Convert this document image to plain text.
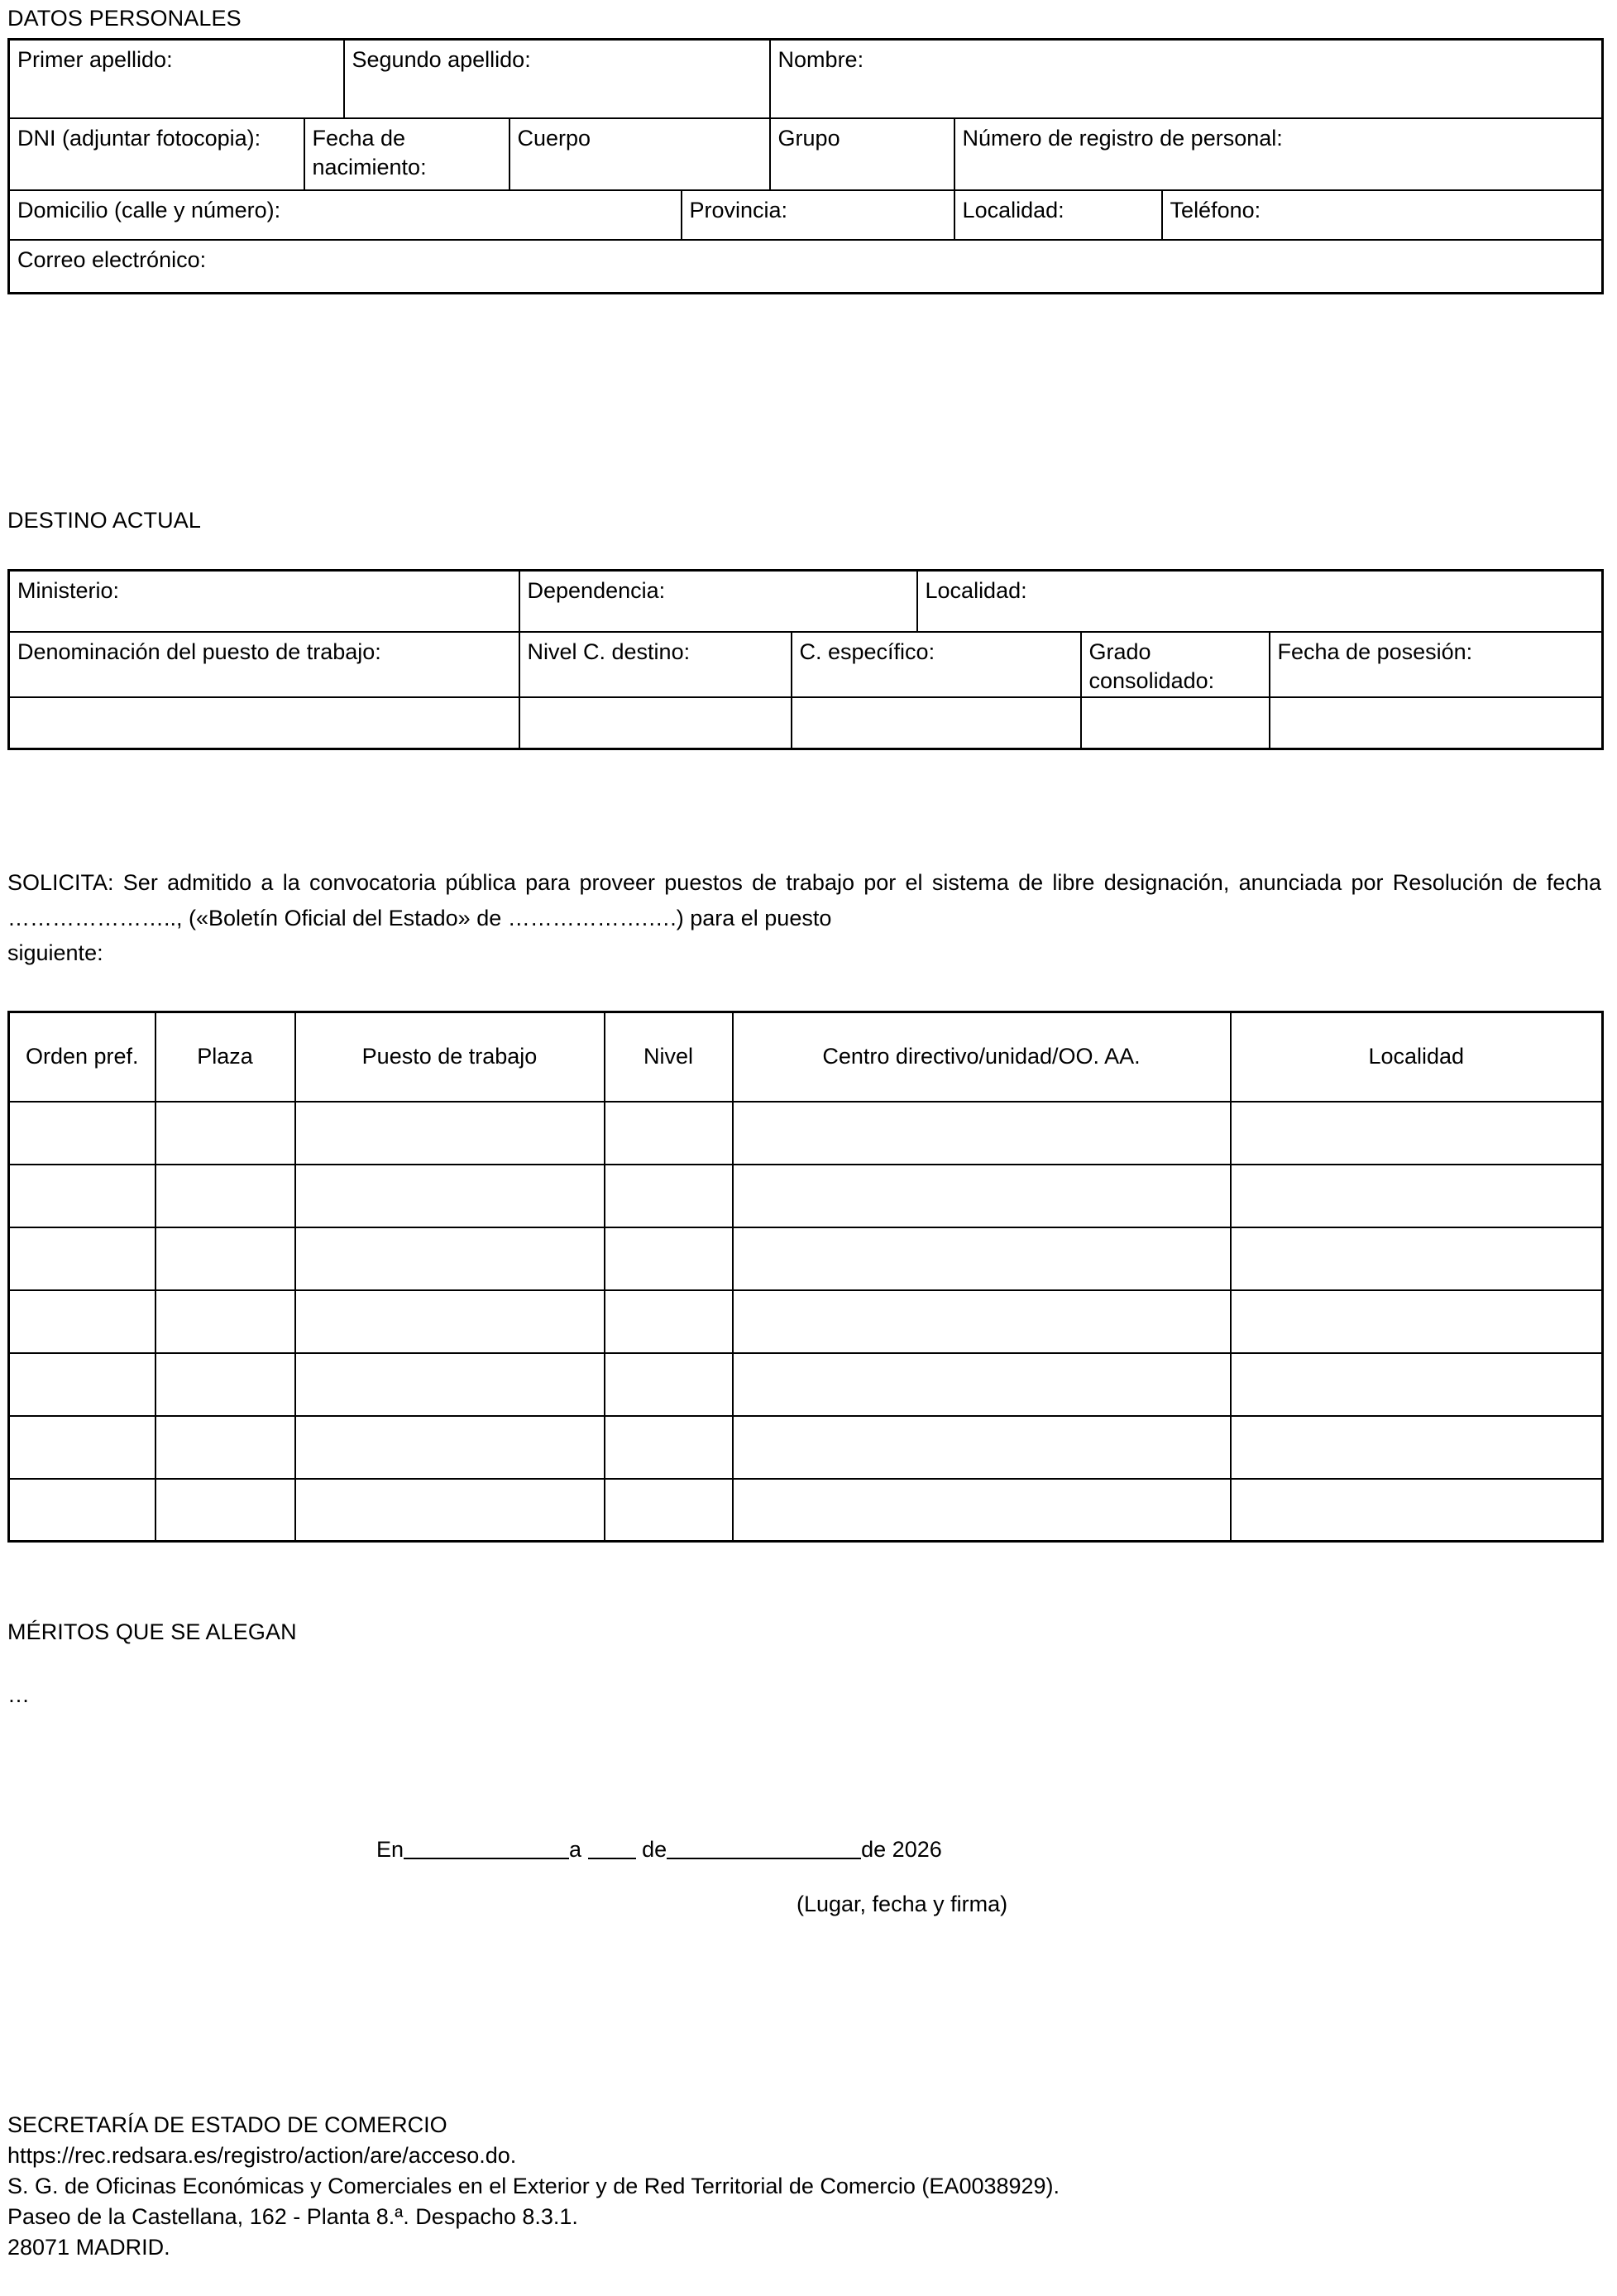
DATOS PERSONALES
Primer apellido:		Segundo apellido:			Nombre:		
DNI (adjuntar fotocopia):	Fecha de nacimiento:		Cuerpo		Grupo	Número de registro de personal:	
Domicilio (calle y número):				Provincia:		Localidad:	Teléfono:
Correo electrónico:							
DESTINO ACTUAL
Ministerio:	Dependencia:		Localidad:		
Denominación del puesto de trabajo:	Nivel C. destino:	C. específico:		Grado consolidado:	Fecha de posesión:

SOLICITA: Ser admitido a la convocatoria pública para proveer puestos de trabajo por el sistema de libre designación, anunciada por Resolución de fecha ………………….., («Boletín Oficial del Estado» de ……………….….) para el puesto
siguiente:
Orden pref.	Plaza	Puesto de trabajo	Nivel	Centro directivo/unidad/OO. AA.	Localidad

MÉRITOS QUE SE ALEGAN
…
En	a	de	de 2026
(Lugar, fecha y firma)
SECRETARÍA DE ESTADO DE COMERCIO
https://rec.redsara.es/registro/action/are/acceso.do.
S. G. de Oficinas Económicas y Comerciales en el Exterior y de Red Territorial de Comercio (EA0038929).
Paseo de la Castellana, 162 - Planta 8.ª. Despacho 8.3.1.
28071 MADRID.
